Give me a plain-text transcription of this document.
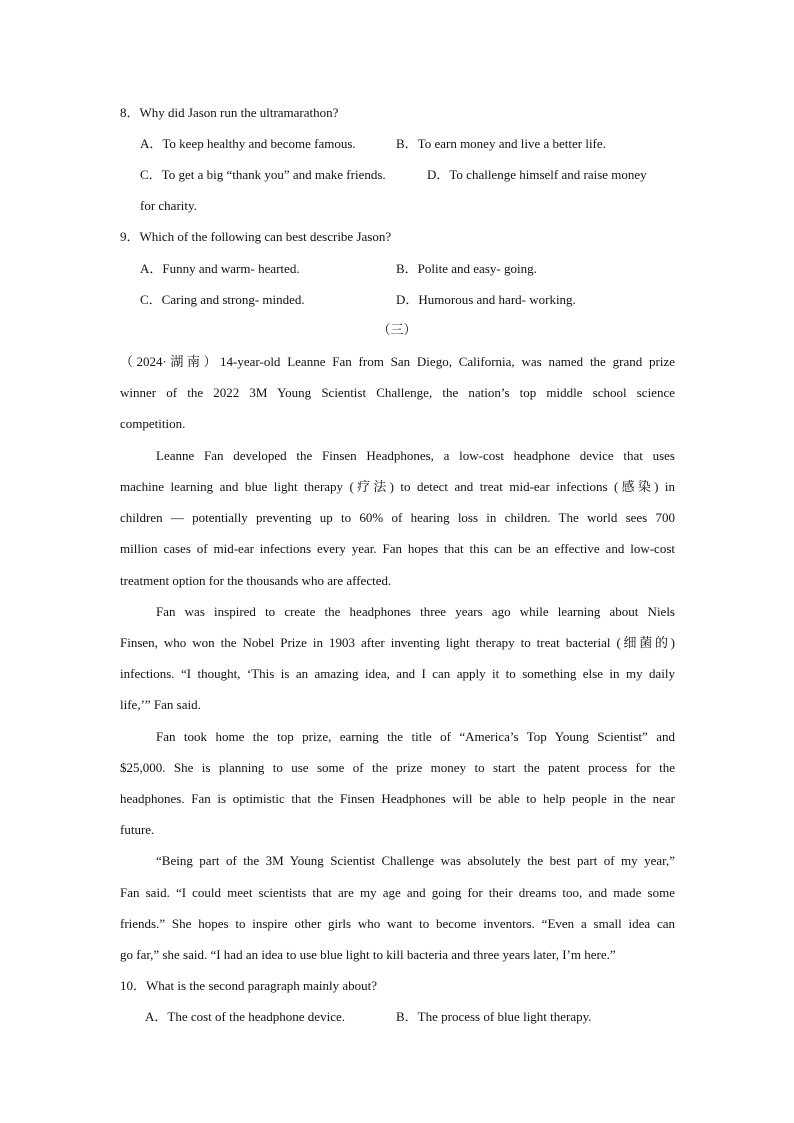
8．Why did Jason run the ultramarathon?
A．To keep healthy and become famous.	B．To earn money and live a better life.
C．To get a big “thank you” and make friends.	D．To challenge himself and raise money
for charity.
9．Which of the following can best describe Jason?
A．Funny and warm- hearted.	B．Polite and easy- going.
C．Caring and strong- minded.	D．Humorous and hard- working.
（三）
（2024·湖南）14-year-old Leanne Fan from San Diego, California, was named the grand prize
winner of the 2022 3M Young Scientist Challenge, the nation’s top middle school science
competition.
Leanne Fan developed the Finsen Headphones, a low-cost headphone device that uses
machine learning and blue light therapy (疗法) to detect and treat mid-ear infections (感染) in
children — potentially preventing up to 60% of hearing loss in children. The world sees 700
million cases of mid-ear infections every year. Fan hopes that this can be an effective and low-cost
treatment option for the thousands who are affected.
Fan was inspired to create the headphones three years ago while learning about Niels
Finsen, who won the Nobel Prize in 1903 after inventing light therapy to treat bacterial (细菌的)
infections. “I thought, ‘This is an amazing idea, and I can apply it to something else in my daily
life,’” Fan said.
Fan took home the top prize, earning the title of “America’s Top Young Scientist” and
$25,000. She is planning to use some of the prize money to start the patent process for the
headphones. Fan is optimistic that the Finsen Headphones will be able to help people in the near
future.
“Being part of the 3M Young Scientist Challenge was absolutely the best part of my year,”
Fan said. “I could meet scientists that are my age and going for their dreams too, and made some
friends.” She hopes to inspire other girls who want to become inventors. “Even a small idea can
go far,” she said. “I had an idea to use blue light to kill bacteria and three years later, I’m here.”
10．What is the second paragraph mainly about?
A．The cost of the headphone device.	B．The process of blue light therapy.
